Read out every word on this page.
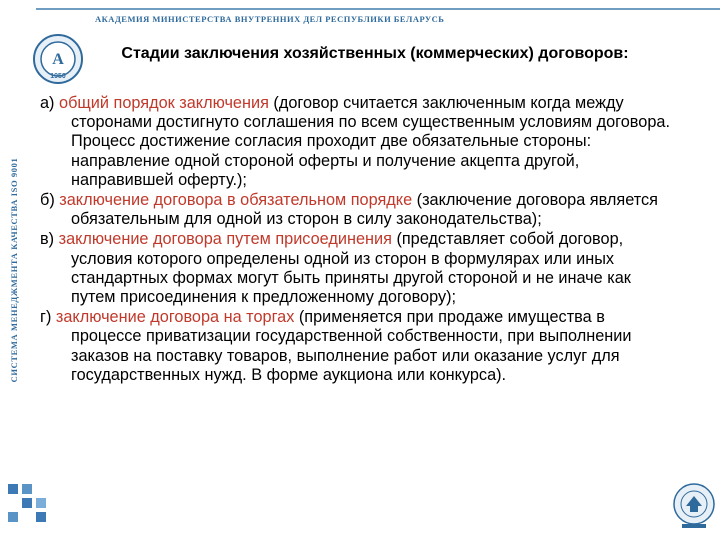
СИСТЕМА МЕНЕДЖМЕНТА КАЧЕСТВА ISO 9001
АКАДЕМИЯ МИНИСТЕРСТВА ВНУТРЕННИХ ДЕЛ РЕСПУБЛИКИ БЕЛАРУСЬ
А
1950
Стадии заключения хозяйственных (коммерческих) договоров:

а) общий порядок заключения (договор считается заключенным когда между сторонами достигнуто соглашения по всем существенным условиям договора. Процесс достижение согласия проходит две обязательные стороны: направление одной стороной оферты и получение акцепта другой, направившей оферту.);

б) заключение договора в обязательном порядке (заключение договора является обязательным для одной из сторон в силу законодательства);

в) заключение договора путем присоединения (представляет собой договор, условия которого определены одной из сторон в формулярах или иных стандартных формах могут быть приняты другой стороной и не иначе как путем присоединения к предложенному договору);

г) заключение договора на торгах (применяется при продаже имущества в процессе приватизации государственной собственности, при выполнении заказов на поставку товаров, выполнение работ или оказание услуг для государственных нужд. В форме аукциона или конкурса).
